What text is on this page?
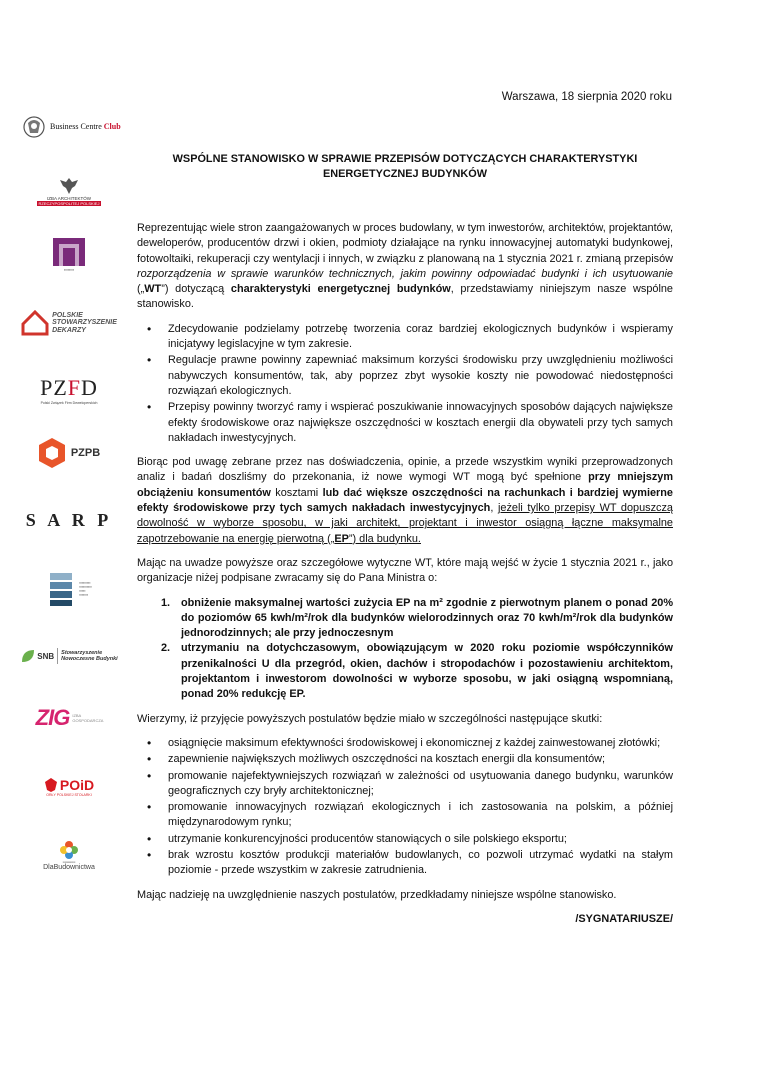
Warszawa, 18 sierpnia 2020 roku
Business Centre Club
IZBA ARCHITEKTÓW
RZECZYPOSPOLITEJ POLSKIEJ
▪▪▪▪▪▪▪▪
POLSKIE
STOWARZYSZENIE
DEKARZY
PZFD
Polski Związek Firm Deweloperskich
PZPB
S A R P
▪▪▪▪▪▪▪▪▪
▪▪▪▪▪▪▪▪▪▪
▪▪▪▪▪
▪▪▪▪▪▪▪
SNB Stowarzyszenie
Nowoczesne Budynki
ZIG IZBA GOSPODARCZA
POiD
ORŁY POLSKIEJ STOLARKI
▪▪▪▪▪▪▪▪▪▪▪▪
DlaBudownictwa
WSPÓLNE STANOWISKO W SPRAWIE PRZEPISÓW DOTYCZĄCYCH CHARAKTERYSTYKI
ENERGETYCZNEJ BUDYNKÓW

Reprezentując wiele stron zaangażowanych w proces budowlany, w tym inwestorów, architektów, projektantów, deweloperów, producentów drzwi i okien, podmioty działające na rynku innowacyjnej automatyki budynkowej, fotowoltaiki, rekuperacji czy wentylacji i innych, w związku z planowaną na 1 stycznia 2021 r. zmianą przepisów rozporządzenia w sprawie warunków technicznych, jakim powinny odpowiadać budynki i ich usytuowanie („WT”) dotyczącą charakterystyki energetycznej budynków, przedstawiamy niniejszym nasze wspólne stanowisko.

• Zdecydowanie podzielamy potrzebę tworzenia coraz bardziej ekologicznych budynków i wspieramy inicjatywy legislacyjne w tym zakresie.
• Regulacje prawne powinny zapewniać maksimum korzyści środowisku przy uwzględnieniu możliwości nabywczych konsumentów, tak, aby poprzez zbyt wysokie koszty nie powodować niedostępności rozwiązań ekologicznych.
• Przepisy powinny tworzyć ramy i wspierać poszukiwanie innowacyjnych sposobów dających największe efekty środowiskowe oraz największe oszczędności w kosztach energii dla obywateli przy tych samych nakładach inwestycyjnych.

Biorąc pod uwagę zebrane przez nas doświadczenia, opinie, a przede wszystkim wyniki przeprowadzonych analiz i badań doszliśmy do przekonania, iż nowe wymogi WT mogą być spełnione przy mniejszym obciążeniu konsumentów kosztami lub dać większe oszczędności na rachunkach i bardziej wymierne efekty środowiskowe przy tych samych nakładach inwestycyjnych, jeżeli tylko przepisy WT dopuszczą dowolność w wyborze sposobu, w jaki architekt, projektant i inwestor osiągną łączne maksymalne zapotrzebowanie na energię pierwotną („EP”) dla budynku.

Mając na uwadze powyższe oraz szczegółowe wytyczne WT, które mają wejść w życie 1 stycznia 2021 r., jako organizacje niżej podpisane zwracamy się do Pana Ministra o:

1. obniżenie maksymalnej wartości zużycia EP na m² zgodnie z pierwotnym planem o ponad 20% do poziomów 65 kwh/m²/rok dla budynków wielorodzinnych oraz 70 kwh/m²/rok dla budynków jednorodzinnych; ale przy jednoczesnym
2. utrzymaniu na dotychczasowym, obowiązującym w 2020 roku poziomie współczynników przenikalności U dla przegród, okien, dachów i stropodachów i pozostawieniu architektom, projektantom i inwestorom dowolności w wyborze sposobu, w jaki osiągną wspomnianą, ponad 20% redukcję EP.

Wierzymy, iż przyjęcie powyższych postulatów będzie miało w szczególności następujące skutki:

• osiągnięcie maksimum efektywności środowiskowej i ekonomicznej z każdej zainwestowanej złotówki;
• zapewnienie największych możliwych oszczędności na kosztach energii dla konsumentów;
• promowanie najefektywniejszych rozwiązań w zależności od usytuowania danego budynku, warunków geograficznych czy bryły architektonicznej;
• promowanie innowacyjnych rozwiązań ekologicznych i ich zastosowania na polskim, a później międzynarodowym rynku;
• utrzymanie konkurencyjności producentów stanowiących o sile polskiego eksportu;
• brak wzrostu kosztów produkcji materiałów budowlanych, co pozwoli utrzymać wydatki na stałym poziomie - przede wszystkim w zakresie zatrudnienia.

Mając nadzieję na uwzględnienie naszych postulatów, przedkładamy niniejsze wspólne stanowisko.

/SYGNATARIUSZE/
